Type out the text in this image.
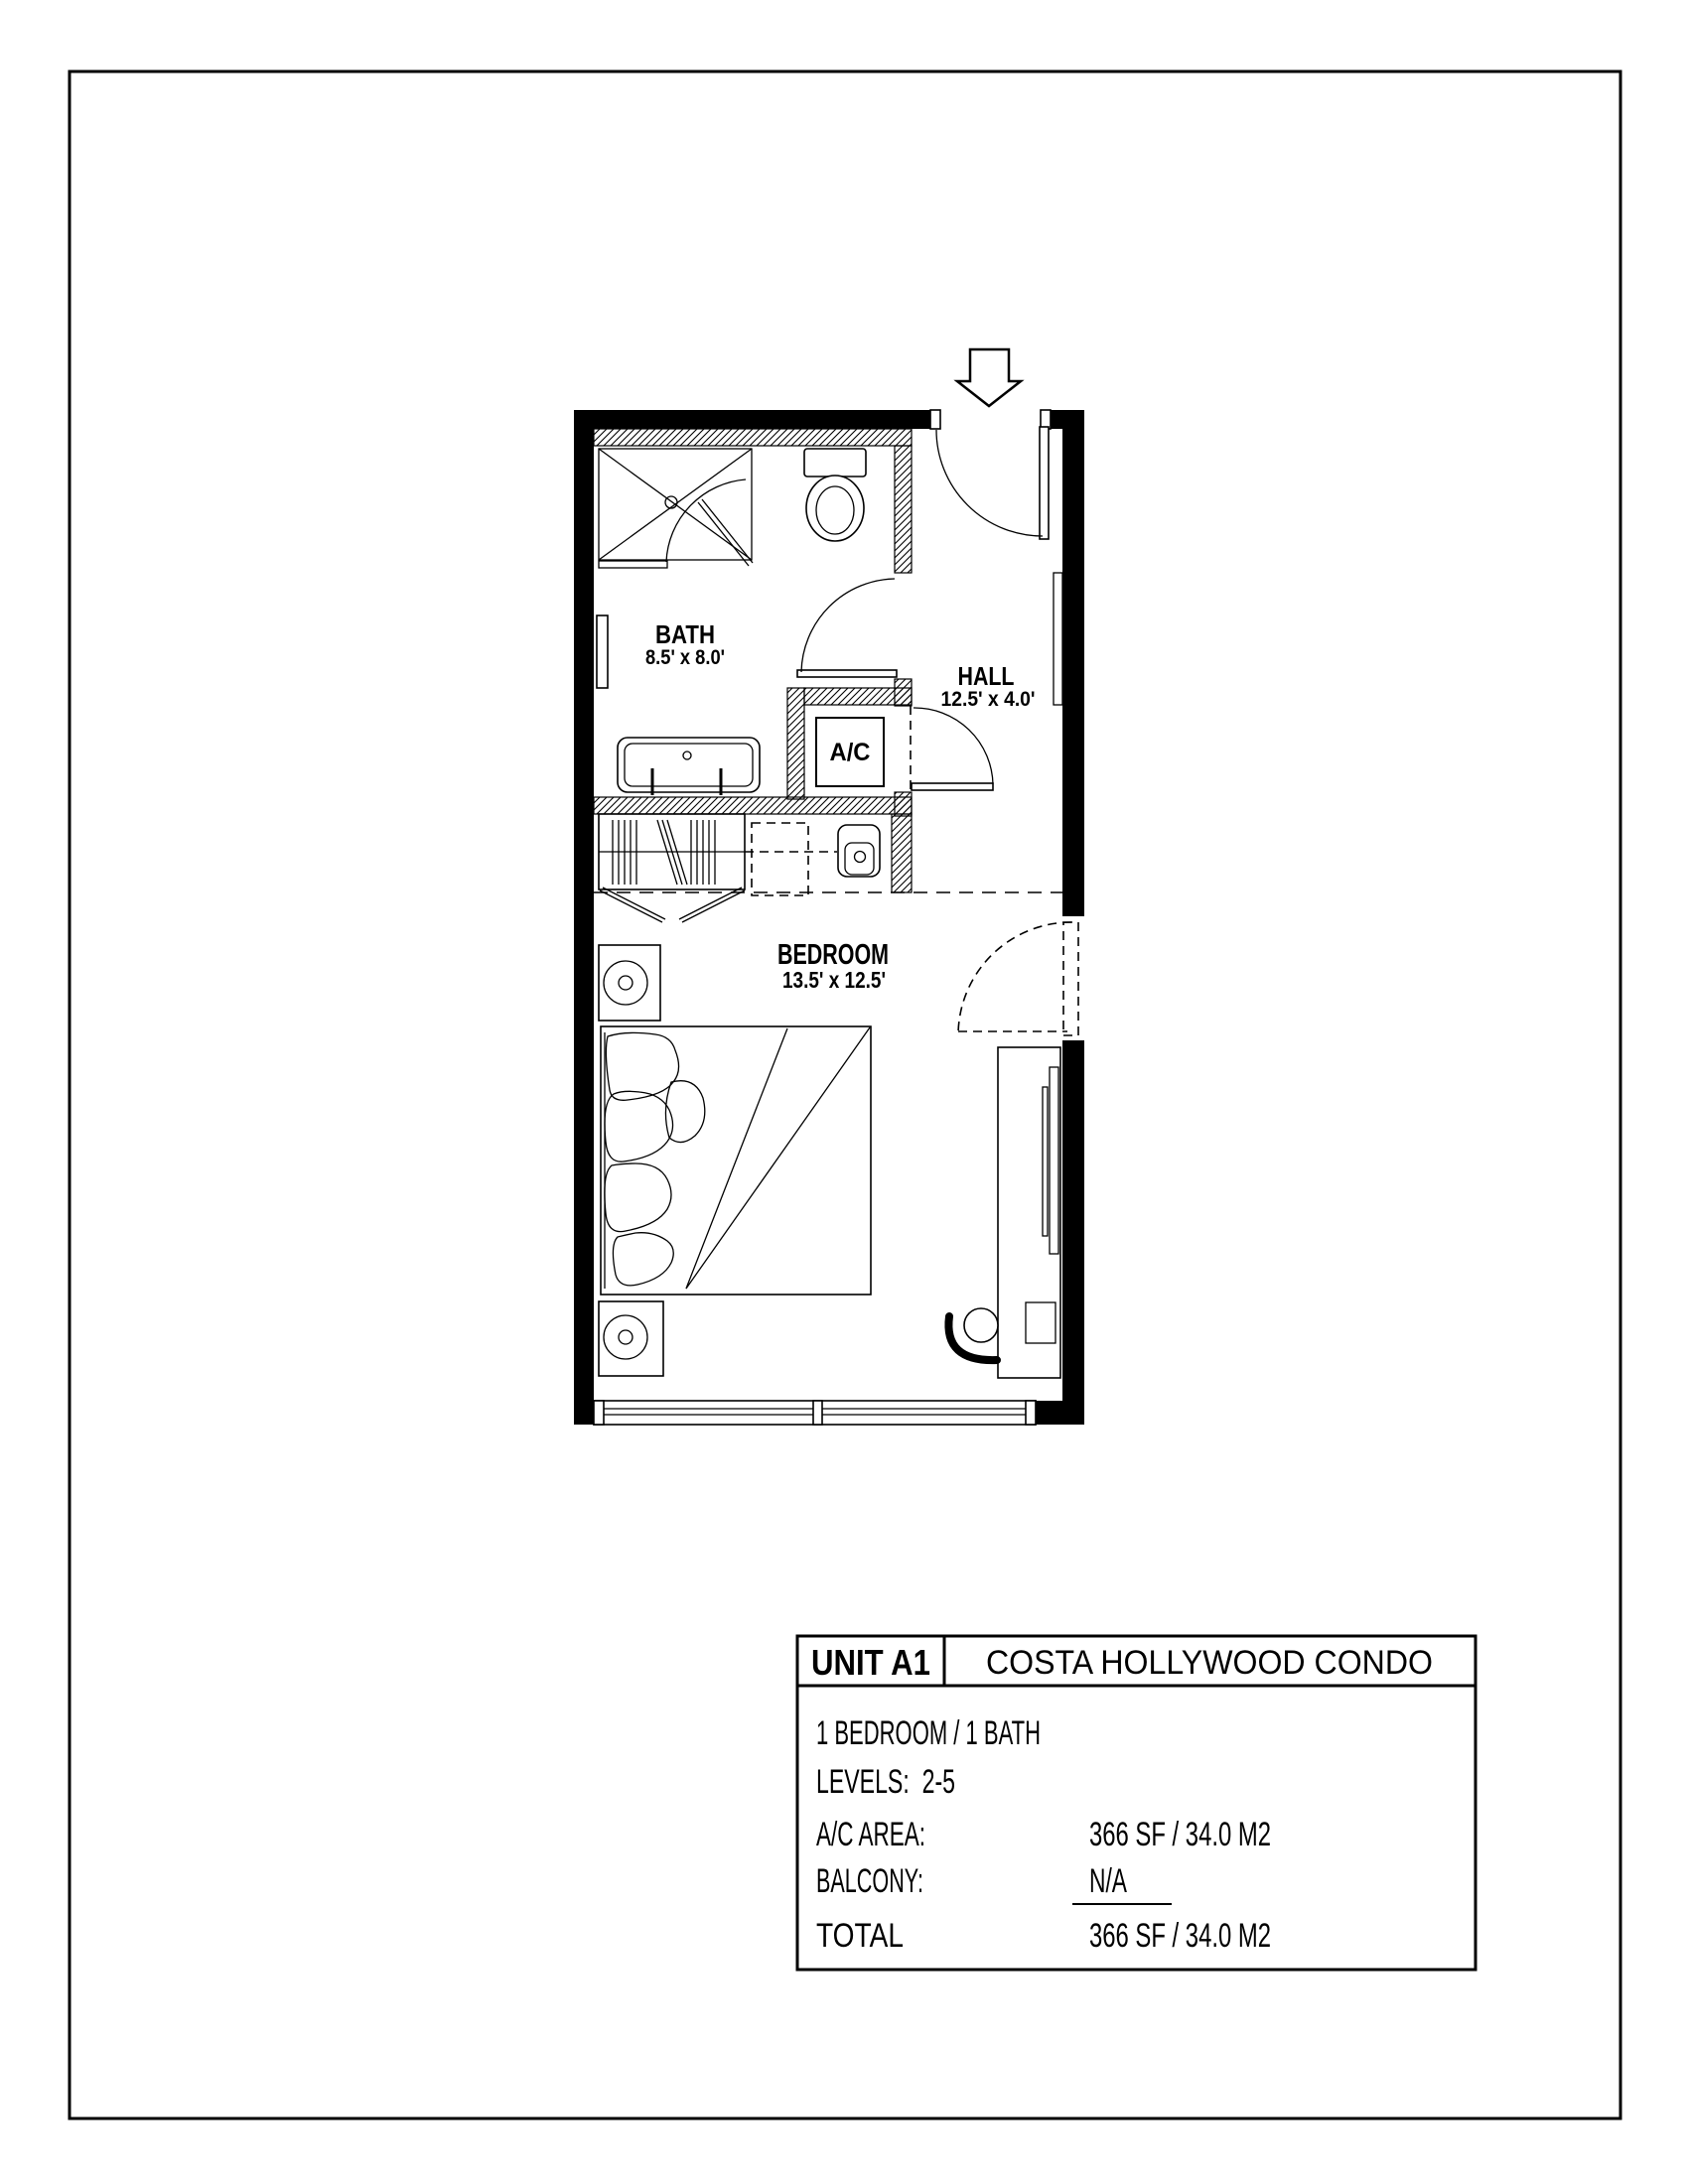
A/C
BATH
8.5' x 8.0'
HALL
12.5' x 4.0'
BEDROOM
13.5' x 12.5'
UNIT A1 COSTA HOLLYWOOD CONDO
1 BEDROOM / 1 BATH
LEVELS:  2-5
A/C AREA:	366 SF / 34.0 M2
BALCONY:	N/A
TOTAL	366 SF / 34.0 M2
